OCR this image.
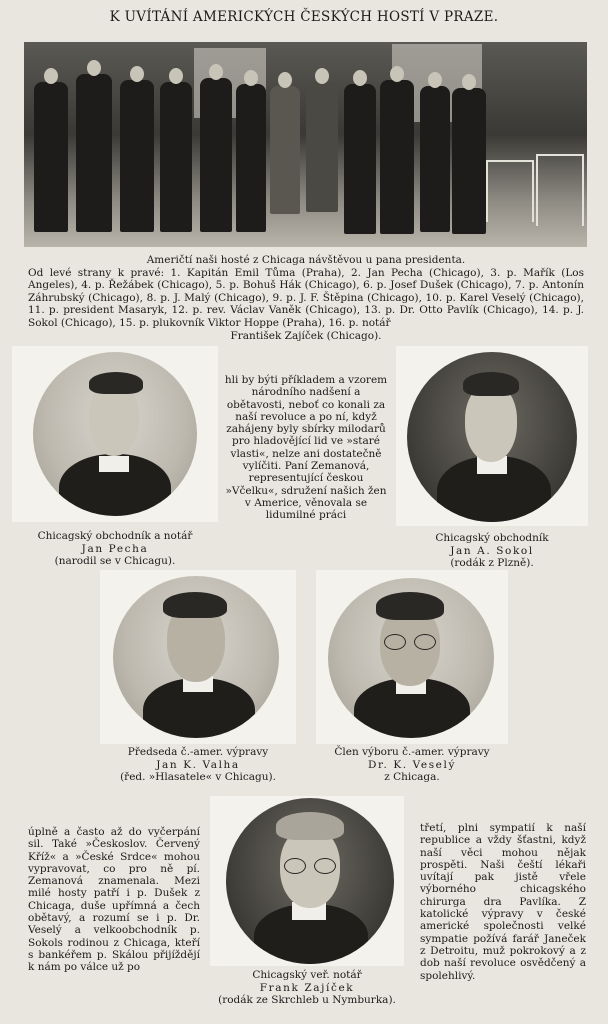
K UVÍTÁNÍ AMERICKÝCH ČESKÝCH HOSTÍ V PRAZE.
Američtí naši hosté z Chicaga návštěvou u pana presidenta.
Od levé strany k pravé: 1. Kapitán Emil Tůma (Praha), 2. Jan Pecha (Chicago), 3. p. Mařík (Los Angeles), 4. p. Řežábek (Chicago), 5. p. Bohuš Hák (Chicago), 6. p. Josef Dušek (Chicago), 7. p. Antonín Záhrubský (Chicago), 8. p. J. Malý (Chicago), 9. p. J. F. Štěpina (Chicago), 10. p. Karel Veselý (Chicago), 11. p. president Masaryk, 12. p. rev. Václav Vaněk (Chicago), 13. p. Dr. Otto Pavlík (Chicago), 14. p. J. Sokol (Chicago), 15. p. plukovník Viktor Hoppe (Praha), 16. p. notář
František Zajíček (Chicago).
Chicagský obchodník a notář
Jan Pecha
(narodil se v Chicagu).
hli by býti příkladem a vzorem národního nadšení a obětavosti, neboť co konali za naší revoluce a po ní, když zahájeny byly sbírky milodarů pro hladovějící lid ve »staré vlasti«, nelze ani dostatečně vylíčiti. Paní Zemanová, representující českou »Včelku«, sdružení našich žen v Americe, věnovala se lidumilné práci
Chicagský obchodník
Jan A. Sokol
(rodák z Plzně).
Předseda č.-amer. výpravy
Jan K. Valha
(řed. »Hlasatele« v Chicagu).
Člen výboru č.-amer. výpravy
Dr. K. Veselý
z Chicaga.
úplně a často až do vyčerpání sil. Také »Českoslov. Červený Kříž« a »České Srdce« mohou vypravovat, co pro ně pí. Zemanová znamenala. Mezi milé hosty patří i p. Dušek z Chicaga, duše upřímná a čech obětavý, a rozumí se i p. Dr. Veselý a velkoobchodník p. Sokols rodinou z Chicaga, kteří s bankéřem p. Skálou přijíždějí k nám po válce už po
Chicagský veř. notář
Frank Zajíček
(rodák ze Skrchleb u Nymburka).
třetí, plni sympatií k naší republice a vždy šťastni, když naší věci mohou nějak prospěti. Naši čeští lékaři uvítají pak jistě vřele výborného chicagského chirurga dra Pavlíka. Z katolické výpravy v české americké společnosti velké sympatie požívá farář Janeček z Detroitu, muž pokrokový a z dob naší revoluce osvědčený a spolehlivý.
